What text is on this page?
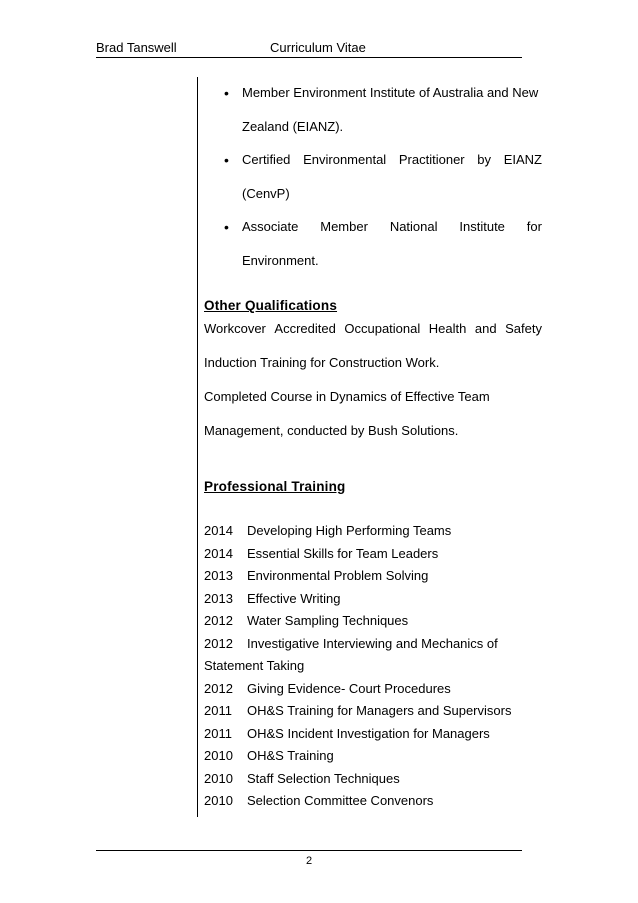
Brad Tanswell	Curriculum Vitae
• Member Environment Institute of Australia and New
Zealand (EIANZ).
• Certified Environmental Practitioner by EIANZ
(CenvP)
• Associate Member National Institute for
Environment.
Other Qualifications
Workcover Accredited Occupational Health and Safety
Induction Training for Construction Work.
Completed Course in Dynamics of Effective Team
Management, conducted by Bush Solutions.
Professional Training
2014 Developing High Performing Teams
2014 Essential Skills for Team Leaders
2013 Environmental Problem Solving
2013 Effective Writing
2012 Water Sampling Techniques
2012 Investigative Interviewing and Mechanics of
Statement Taking
2012 Giving Evidence- Court Procedures
2011 OH&S Training for Managers and Supervisors
2011 OH&S Incident Investigation for Managers
2010 OH&S Training
2010 Staff Selection Techniques
2010 Selection Committee Convenors
2
